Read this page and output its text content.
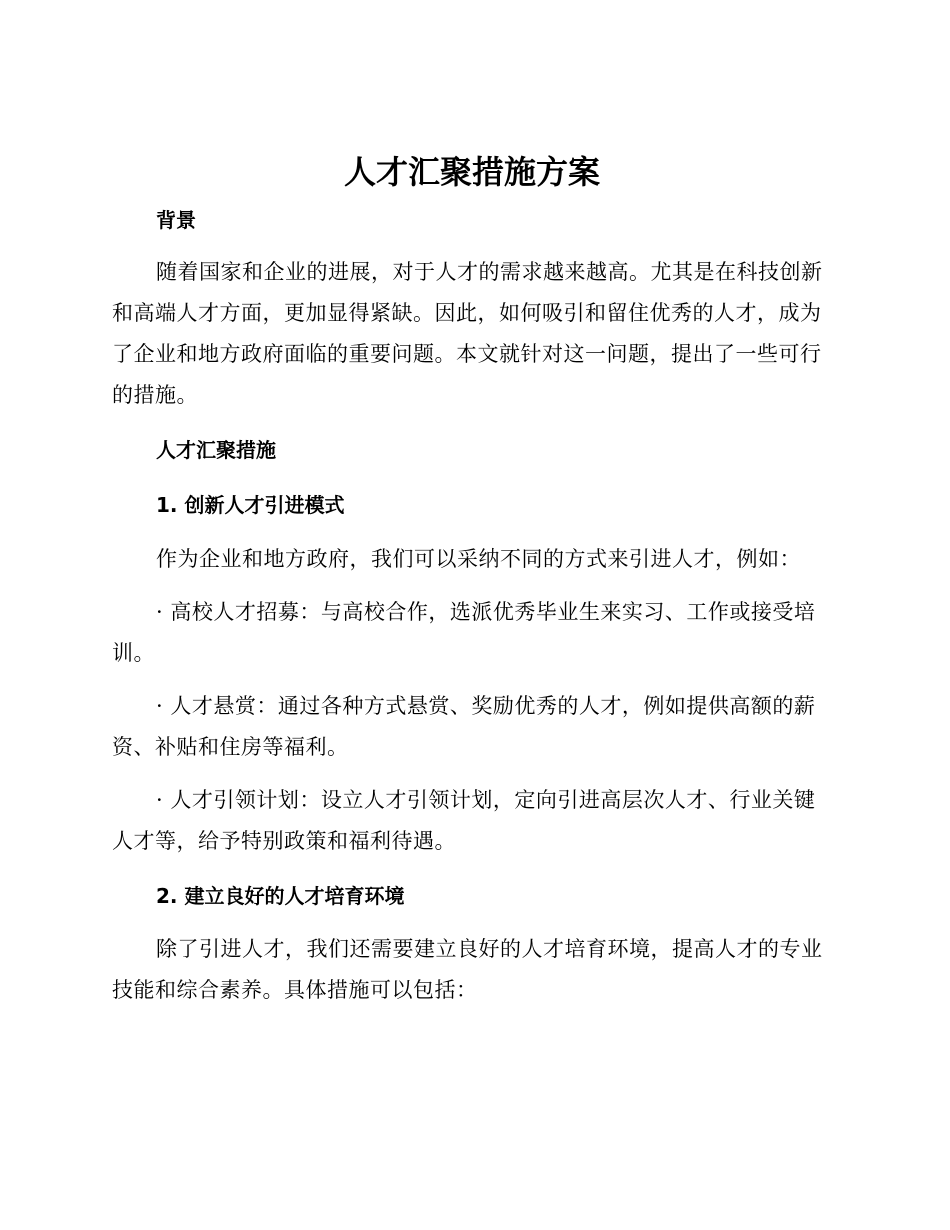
人才汇聚措施方案
背景

随着国家和企业的进展，对于人才的需求越来越高。尤其是在科技创新和高端人才方面，更加显得紧缺。因此，如何吸引和留住优秀的人才，成为了企业和地方政府面临的重要问题。本文就针对这一问题，提出了一些可行的措施。

人才汇聚措施
1. 创新人才引进模式

作为企业和地方政府，我们可以采纳不同的方式来引进人才，例如：

· 高校人才招募：与高校合作，选派优秀毕业生来实习、工作或接受培训。

· 人才悬赏：通过各种方式悬赏、奖励优秀的人才，例如提供高额的薪资、补贴和住房等福利。

· 人才引领计划：设立人才引领计划，定向引进高层次人才、行业关键人才等，给予特别政策和福利待遇。

2. 建立良好的人才培育环境

除了引进人才，我们还需要建立良好的人才培育环境，提高人才的专业技能和综合素养。具体措施可以包括：
